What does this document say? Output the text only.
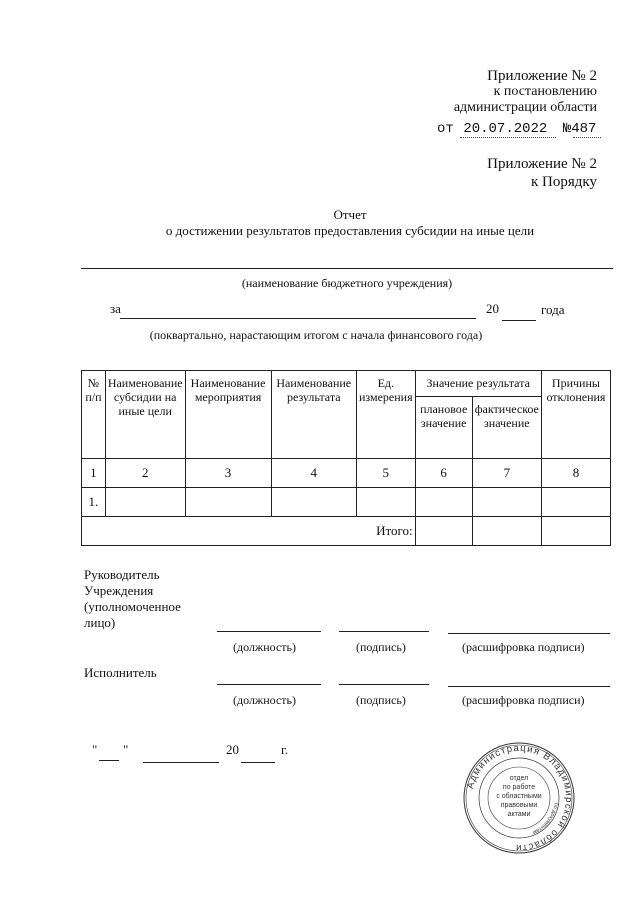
Приложение № 2
к постановлению
администрации области
от 20.07.2022 №487
Приложение № 2
к Порядку
Отчет
о достижении результатов предоставления субсидии на иные цели
(наименование бюджетного учреждения)
за	20	года
(поквартально, нарастающим итогом с начала финансового года)
№ п/п	Наименование субсидии на иные цели	Наименование мероприятия	Наименование результата	Ед. измерения	Значение результата		Причины отклонения
					плановое значение	фактическое значение	
1	2	3	4	5	6	7	8
1.							
Итого:							
Руководитель
Учреждения
(уполномоченное
лицо)
(должность)	(подпись)	(расшифровка подписи)
Исполнитель
(должность)	(подпись)	(расшифровка подписи)
" "	20	г.
Администрация Владимирской области
по документам
отдел
по работе
с областными
правовыми
актами
